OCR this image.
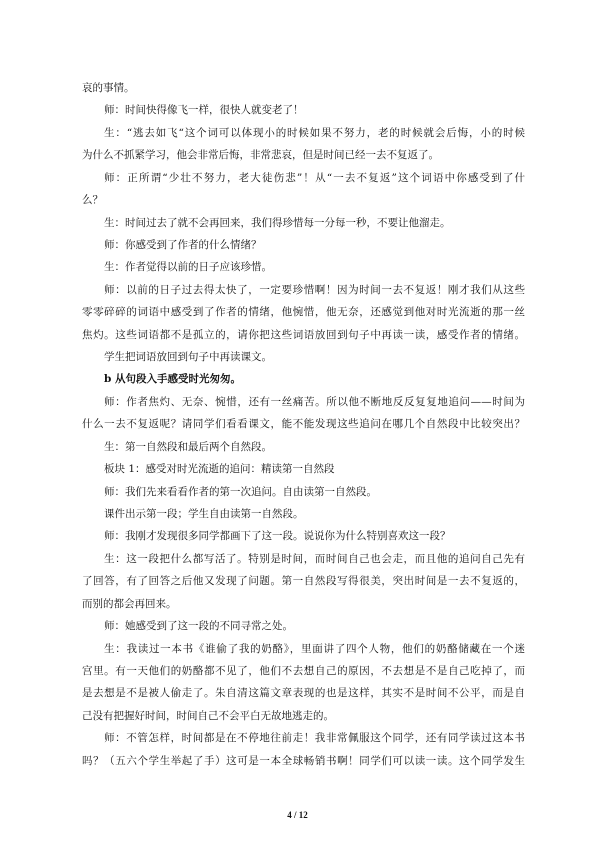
哀的事情。
师：时间快得像飞一样，很快人就变老了！
生：“逃去如飞“这个词可以体现小的时候如果不努力，老的时候就会后悔，小的时候
为什么不抓紧学习，他会非常后悔，非常悲哀，但是时间已经一去不复返了。
师：正所谓“少壮不努力，老大徒伤悲”！从“一去不复返”这个词语中你感受到了什
么？
生：时间过去了就不会再回来，我们得珍惜每一分每一秒，不要让他溜走。
师：你感受到了作者的什么情绪？
生：作者觉得以前的日子应该珍惜。
师：以前的日子过去得太快了，一定要珍惜啊！因为时间一去不复返！刚才我们从这些
零零碎碎的词语中感受到了作者的情绪，他惋惜，他无奈，还感觉到他对时光流逝的那一丝
焦灼。这些词语都不是孤立的，请你把这些词语放回到句子中再读一读，感受作者的情绪。
学生把词语放回到句子中再读课文。
b 从句段入手感受时光匆匆。
师：作者焦灼、无奈、惋惜，还有一丝痛苦。所以他不断地反反复复地追问——时间为
什么一去不复返呢？请同学们看看课文，能不能发现这些追问在哪几个自然段中比较突出？
生：第一自然段和最后两个自然段。
板块 1：感受对时光流逝的追问：精读第一自然段
师：我们先来看看作者的第一次追问。自由读第一自然段。
课件出示第一段；学生自由读第一自然段。
师：我刚才发现很多同学都画下了这一段。说说你为什么特别喜欢这一段？
生：这一段把什么都写活了。特别是时间，而时间自己也会走，而且他的追问自己先有
了回答，有了回答之后他又发现了问题。第一自然段写得很美，突出时间是一去不复返的，
而别的都会再回来。
师：她感受到了这一段的不同寻常之处。
生：我读过一本书《谁偷了我的奶酪》，里面讲了四个人物，他们的奶酪储藏在一个迷
宫里。有一天他们的奶酪都不见了，他们不去想自己的原因，不去想是不是自己吃掉了，而
是去想是不是被人偷走了。朱自清这篇文章表现的也是这样，其实不是时间不公平，而是自
己没有把握好时间，时间自己不会平白无故地逃走的。
师：不管怎样，时间都是在不停地往前走！我非常佩服这个同学，还有同学读过这本书
吗？（五六个学生举起了手）这可是一本全球畅销书啊！同学们可以读一读。这个同学发生
4 / 12
